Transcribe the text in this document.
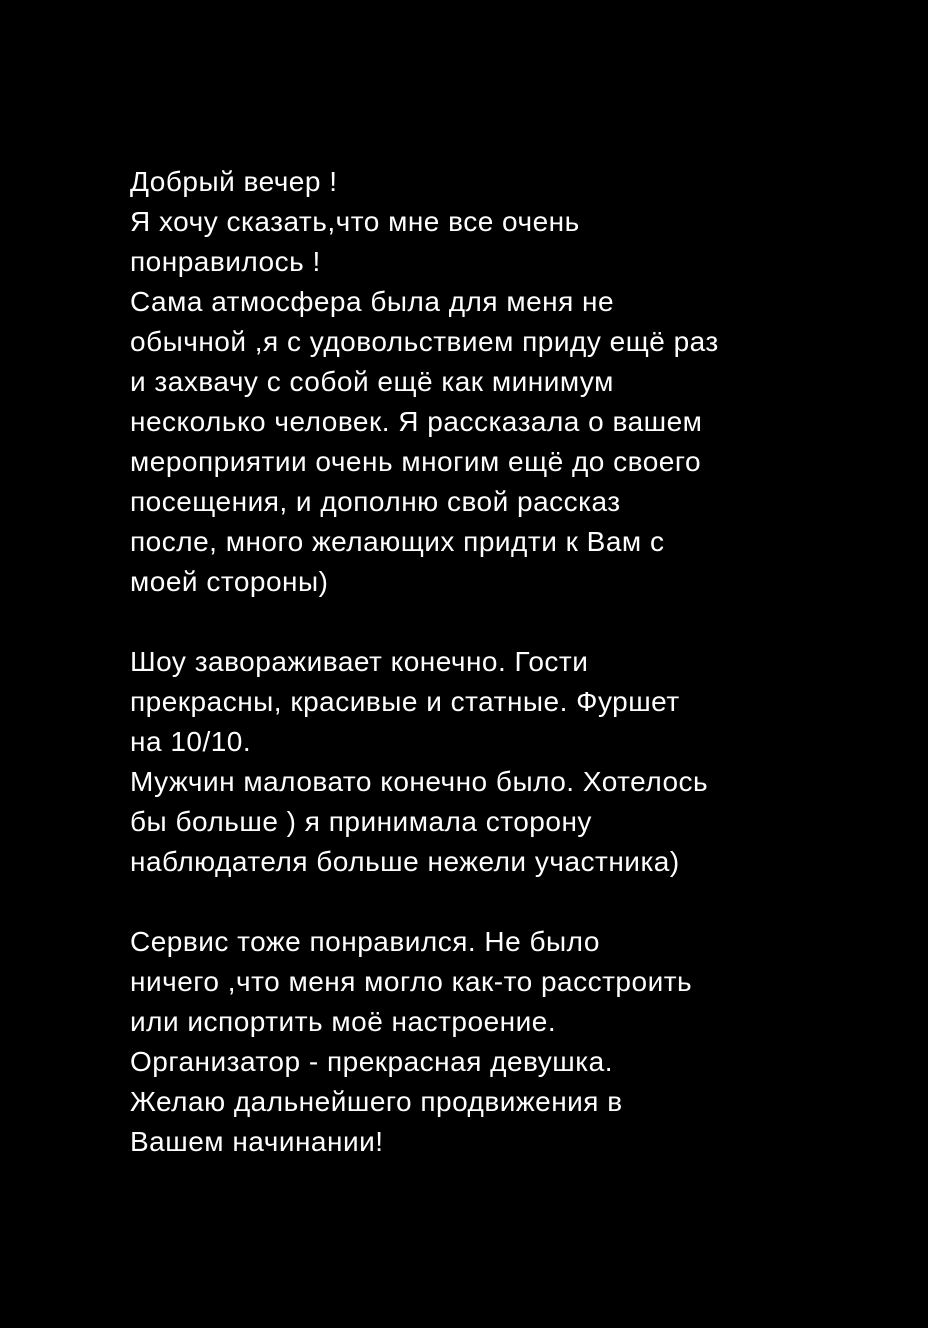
Добрый вечер !
Я хочу сказать,что мне все очень
понравилось !
Сама атмосфера была для меня не
обычной ,я с удовольствием приду ещё раз
и захвачу с собой ещё как минимум
несколько человек. Я рассказала о вашем
мероприятии очень многим ещё до своего
посещения, и дополню свой рассказ
после, много желающих придти к Вам с
моей стороны)
Шоу завораживает конечно. Гости
прекрасны, красивые и статные. Фуршет
на 10/10.
Мужчин маловато конечно было. Хотелось
бы больше ) я принимала сторону
наблюдателя больше нежели участника)
Сервис тоже понравился. Не было
ничего ,что меня могло как-то расстроить
или испортить моё настроение.
Организатор - прекрасная девушка.
Желаю дальнейшего продвижения в
Вашем начинании!
